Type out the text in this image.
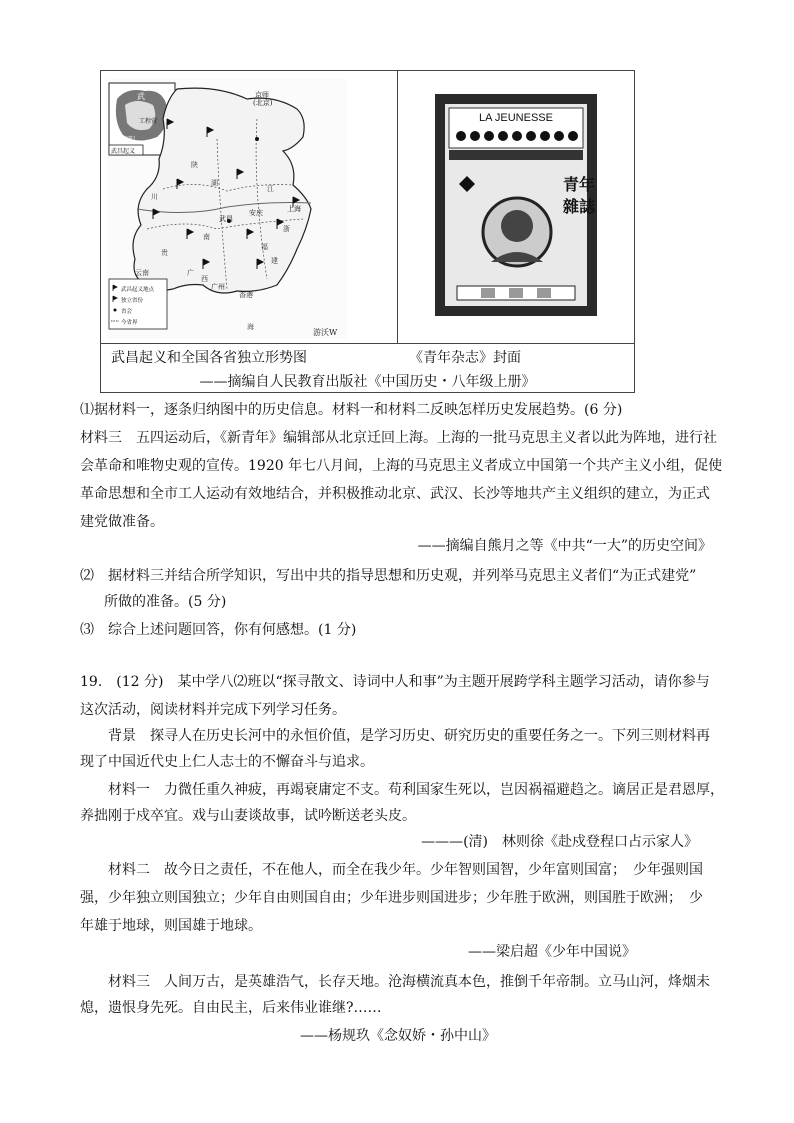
武
工程营
汉阳
武昌起义
京师(北京)
武昌
安庆	上海
广州
香港
湖
江
南
川
贵
云南	广
西
浙
福
建
陕
海
武昌起义地点
独立省份
省会
今省界
游沃W
LA JEUNESSE
青年雜誌
武昌起义和全国各省独立形势图	《青年杂志》封面
——摘编自人民教育出版社《中国历史・八年级上册》
⑴据材料一，逐条归纳图中的历史信息。材料一和材料二反映怎样历史发展趋势。(6 分)
材料三　五四运动后，《新青年》编辑部从北京迁回上海。上海的一批马克思主义者以此为阵地，进行社
会革命和唯物史观的宣传。1920 年七八月间，上海的马克思主义者成立中国第一个共产主义小组，促使
革命思想和全市工人运动有效地结合，并积极推动北京、武汉、长沙等地共产主义组织的建立，为正式
建党做准备。
——摘编自熊月之等《中共“一大”的历史空间》
⑵　据材料三并结合所学知识，写出中共的指导思想和历史观，并列举马克思主义者们“为正式建党”
所做的准备。(5 分)
⑶　综合上述问题回答，你有何感想。(1 分)
19.　(12 分)　某中学八⑵班以“探寻散文、诗词中人和事”为主题开展跨学科主题学习活动，请你参与
这次活动，阅读材料并完成下列学习任务。
背景　探寻人在历史长河中的永恒价值，是学习历史、研究历史的重要任务之一。下列三则材料再
现了中国近代史上仁人志士的不懈奋斗与追求。
材料一　力微任重久神疲，再竭衰庸定不支。苟利国家生死以，岂因祸福避趋之。谪居正是君恩厚，
养拙刚于戍卒宜。戏与山妻谈故事，试吟断送老头皮。
———(清)　林则徐《赴戍登程口占示家人》
材料二　故今日之责任，不在他人，而全在我少年。少年智则国智，少年富则国富；　少年强则国
强，少年独立则国独立；少年自由则国自由；少年进步则国进步；少年胜于欧洲，则国胜于欧洲；　少
年雄于地球，则国雄于地球。
——梁启超《少年中国说》
材料三　人间万古，是英雄浩气，长存天地。沧海横流真本色，推倒千年帝制。立马山河，烽烟未
熄，遗恨身先死。自由民主，后来伟业谁继?……
——杨规玖《念奴娇・孙中山》
